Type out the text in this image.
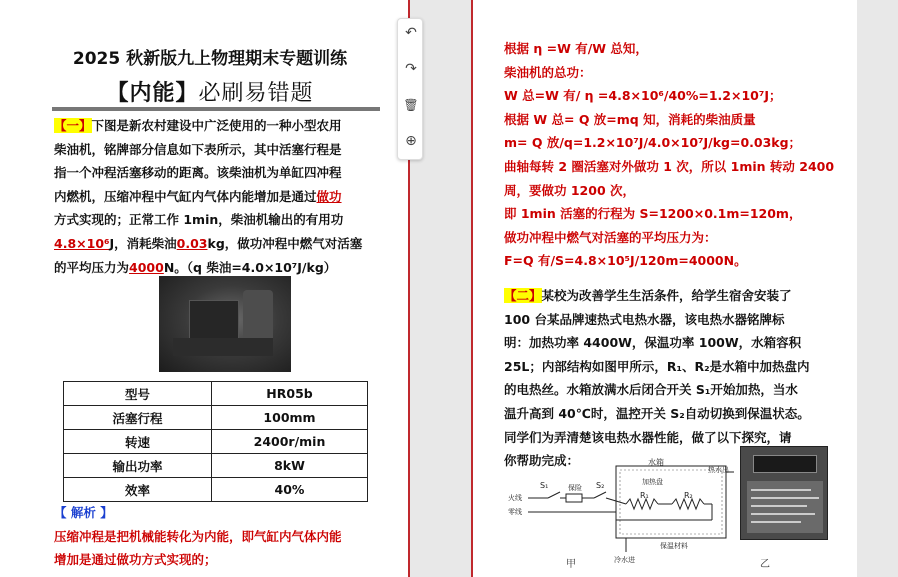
2025 秋新版九上物理期末专题训练
【内能】必刷易错题
【一】下图是新农村建设中广泛使用的一种小型农用
柴油机，铭牌部分信息如下表所示，其中活塞行程是
指一个冲程活塞移动的距离。该柴油机为单缸四冲程
内燃机，压缩冲程中气缸内气体内能增加是通过做功
方式实现的；正常工作 1min，柴油机输出的有用功
4.8×10⁶J，消耗柴油0.03kg，做功冲程中燃气对活塞
的平均压力为4000N。（q 柴油=4.0×10⁷J/kg）
型号	HR05b
活塞行程	100mm
转速	2400r/min
输出功率	8kW
效率	40%
【 解析 】
压缩冲程是把机械能转化为内能，即气缸内气体内能
增加是通过做功方式实现的；
↶
↷
🗑
⊕
根据 η =W 有/W 总知，
柴油机的总功：
W 总=W 有/ η =4.8×10⁶/40%=1.2×10⁷J；
根据 W 总= Q 放=mq 知，消耗的柴油质量
m= Q 放/q=1.2×10⁷J/4.0×10⁷J/kg=0.03kg；
曲轴每转 2 圈活塞对外做功 1 次，所以 1min 转动 2400
周，要做功 1200 次，
即 1min 活塞的行程为 S=1200×0.1m=120m，
做功冲程中燃气对活塞的平均压力为：
F=Q 有/S=4.8×10⁵J/120m=4000N。
【二】某校为改善学生生活条件，给学生宿舍安装了
100 台某品牌速热式电热水器，该电热水器铭牌标
明：加热功率 4400W，保温功率 100W，水箱容积
25L；内部结构如图甲所示，R₁、R₂是水箱中加热盘内
的电热丝。水箱放满水后闭合开关 S₁开始加热，当水
温升高到 40℃时，温控开关 S₂自动切换到保温状态。
同学们为弄清楚该电热水器性能，做了以下探究，请
你帮助完成：	水箱
热水出
火线
零线
S₁	保险 S₂	加热盘
R₁	R₂
冷水进
保温材料
甲	乙
